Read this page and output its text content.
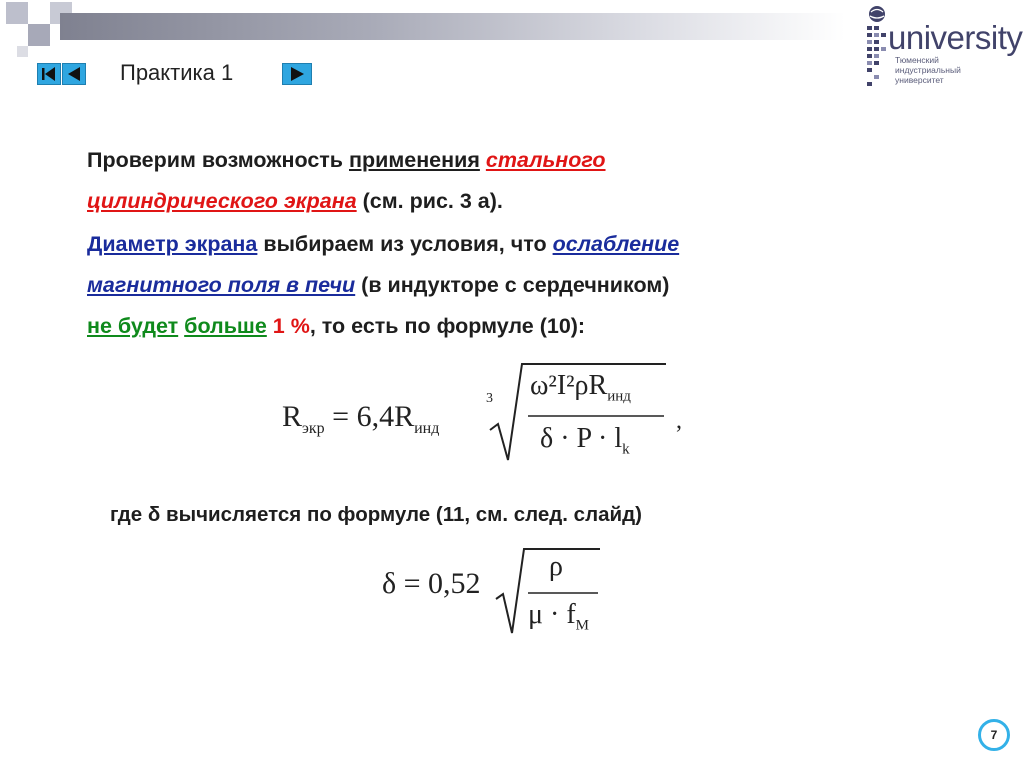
Практика 1
university
Тюменский
индустриальный
университет
Проверим возможность применения стального
цилиндрического экрана (см. рис. 3 а).
Диаметр экрана выбираем из условия, что ослабление
магнитного поля в печи (в индукторе с сердечником)
не будет больше 1 %, то есть по формуле (10):
$R_{экр} = 6,4R_{инд}$
3 $\omega^2I^2\rho R_{инд}$
$\delta \cdot P \cdot l_k$
,
где δ вычисляется по формуле (11, см. след. слайд)
δ = 0,52
ρ
$\mu \cdot f_M$
7
